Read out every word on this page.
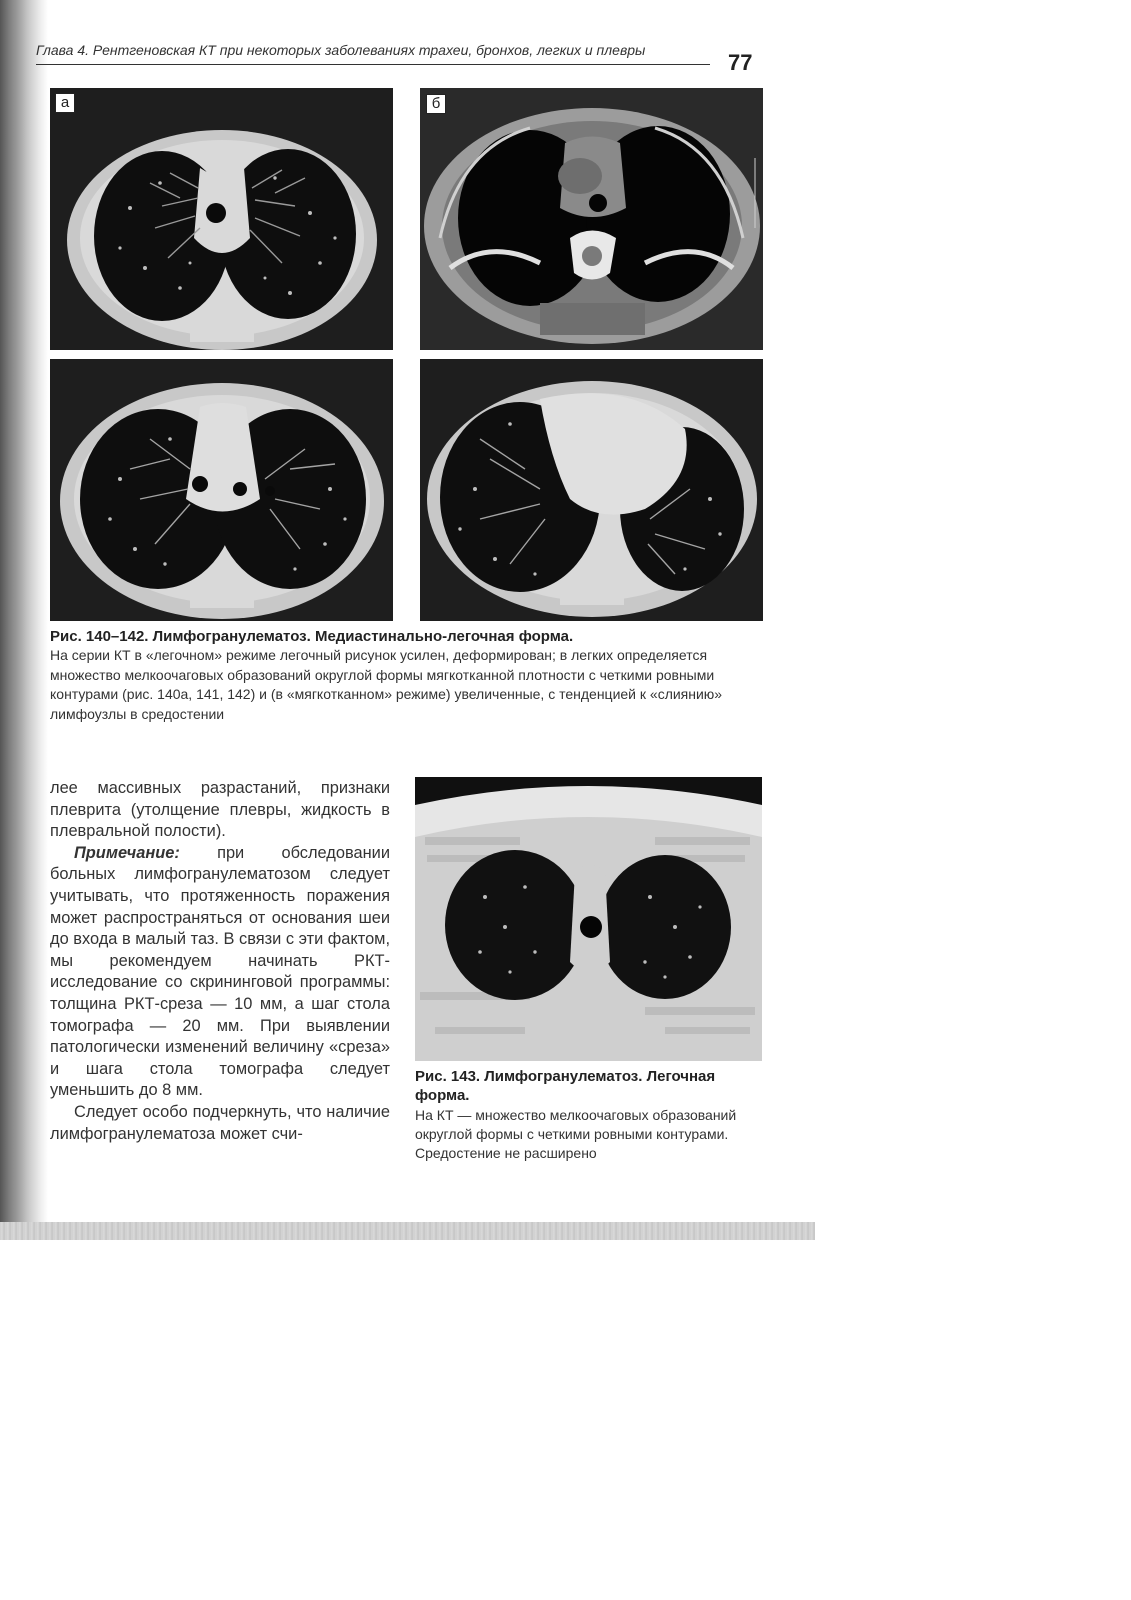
Глава 4. Рентгеновская КТ при некоторых заболеваниях трахеи, бронхов, легких и плевры	77
а	б
Рис. 140–142. Лимфогранулематоз. Медиастинально-легочная форма.
На серии КТ в «легочном» режиме легочный рисунок усилен, деформирован; в легких определяется множество мелкоочаговых образований округлой формы мягкотканной плотности с четкими ровными контурами (рис. 140а, 141, 142) и (в «мягкотканном» режиме) увеличенные, с тенденцией к «слиянию» лимфоузлы в средостении

лее массивных разрастаний, признаки плеврита (утолщение плевры, жидкость в плевральной полости).

Примечание: при обследовании больных лимфогранулематозом следует учитывать, что протяженность поражения может распространяться от основания шеи до входа в малый таз. В связи с эти фактом, мы рекомендуем начинать РКТ-исследование со скрининговой программы: толщина РКТ-среза — 10 мм, а шаг стола томографа — 20 мм. При выявлении патологически изменений величину «среза» и шага стола томографа следует уменьшить до 8 мм.

Следует особо подчеркнуть, что наличие лимфогранулематоза может счи-

Рис. 143. Лимфогранулематоз. Легочная форма.
На КТ — множество мелкоочаговых образований округлой формы с четкими ровными контурами. Средостение не расширено
